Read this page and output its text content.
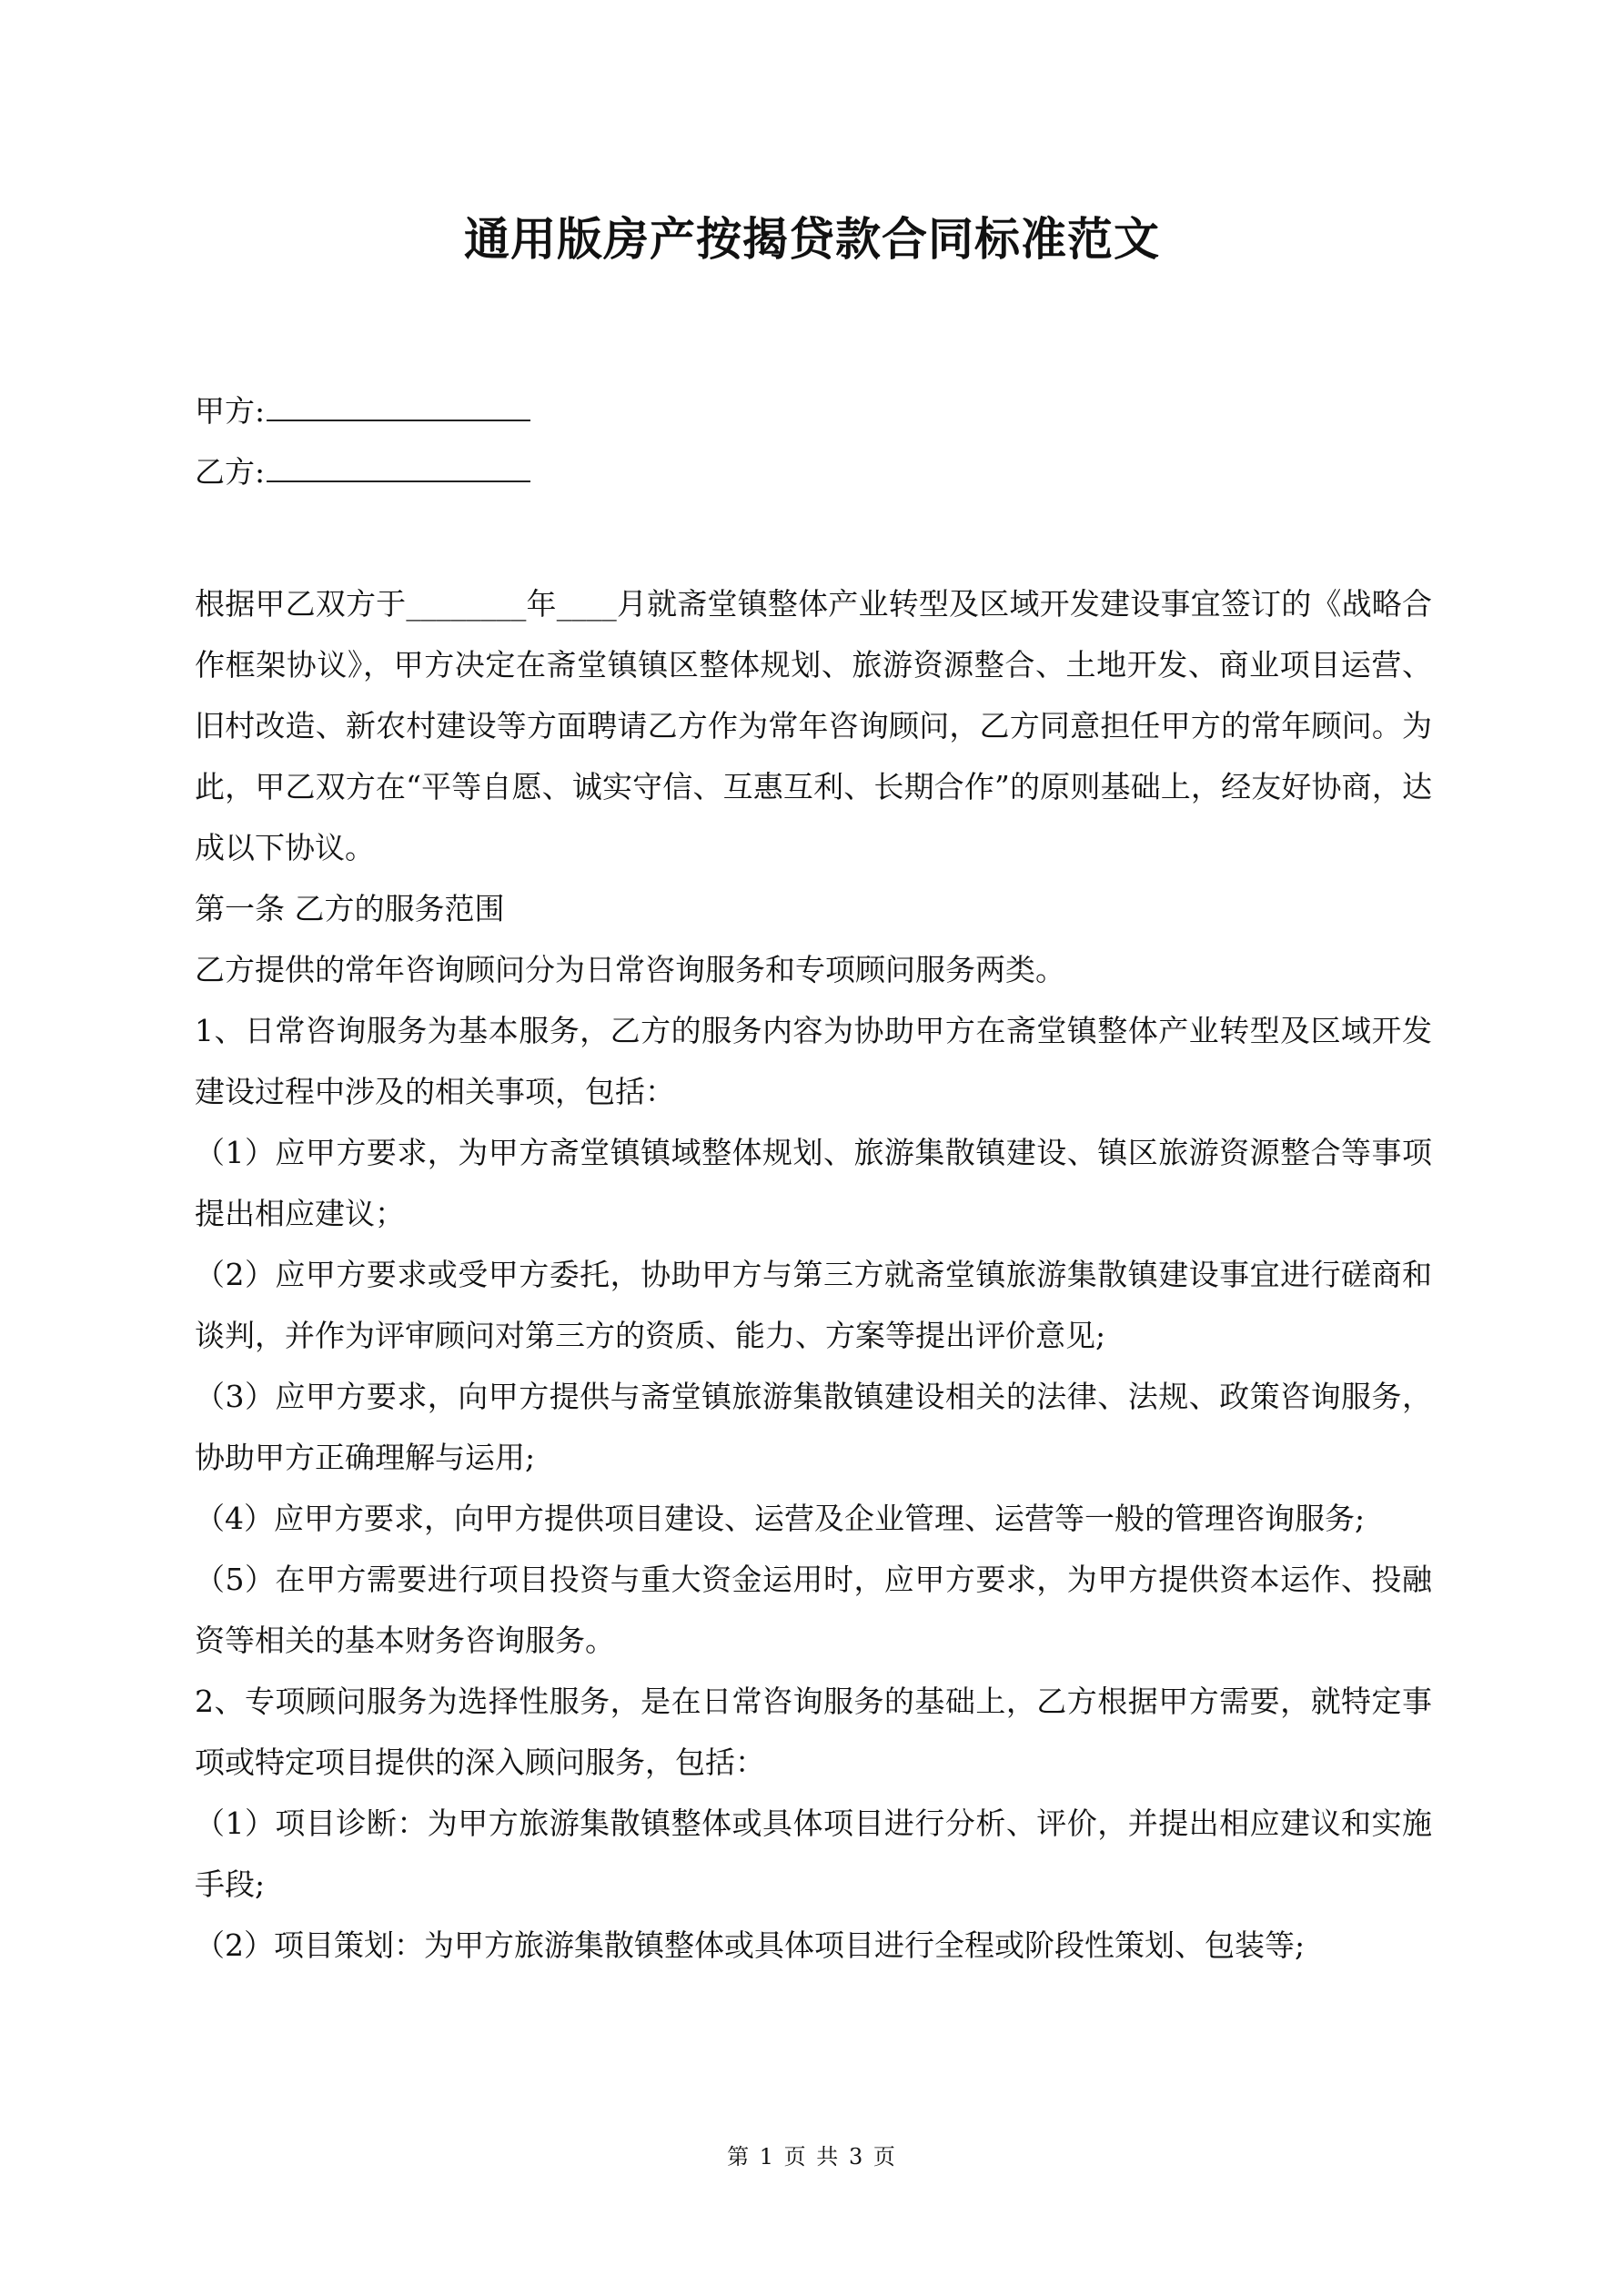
通用版房产按揭贷款合同标准范文
甲方:
乙方:

根据甲乙双方于________年____月就斋堂镇整体产业转型及区域开发建设事宜签订的《战略合作框架协议》，甲方决定在斋堂镇镇区整体规划、旅游资源整合、土地开发、商业项目运营、旧村改造、新农村建设等方面聘请乙方作为常年咨询顾问，乙方同意担任甲方的常年顾问。为此，甲乙双方在“平等自愿、诚实守信、互惠互利、长期合作”的原则基础上，经友好协商，达成以下协议。

第一条 乙方的服务范围

乙方提供的常年咨询顾问分为日常咨询服务和专项顾问服务两类。

1、日常咨询服务为基本服务，乙方的服务内容为协助甲方在斋堂镇整体产业转型及区域开发建设过程中涉及的相关事项，包括：

（1）应甲方要求，为甲方斋堂镇镇域整体规划、旅游集散镇建设、镇区旅游资源整合等事项提出相应建议；

（2）应甲方要求或受甲方委托，协助甲方与第三方就斋堂镇旅游集散镇建设事宜进行磋商和谈判，并作为评审顾问对第三方的资质、能力、方案等提出评价意见;

（3）应甲方要求，向甲方提供与斋堂镇旅游集散镇建设相关的法律、法规、政策咨询服务，协助甲方正确理解与运用;

（4）应甲方要求，向甲方提供项目建设、运营及企业管理、运营等一般的管理咨询服务;

（5）在甲方需要进行项目投资与重大资金运用时，应甲方要求，为甲方提供资本运作、投融资等相关的基本财务咨询服务。

2、专项顾问服务为选择性服务，是在日常咨询服务的基础上，乙方根据甲方需要，就特定事项或特定项目提供的深入顾问服务，包括：

（1）项目诊断：为甲方旅游集散镇整体或具体项目进行分析、评价，并提出相应建议和实施手段;

（2）项目策划：为甲方旅游集散镇整体或具体项目进行全程或阶段性策划、包装等;

第 1 页 共 3 页
